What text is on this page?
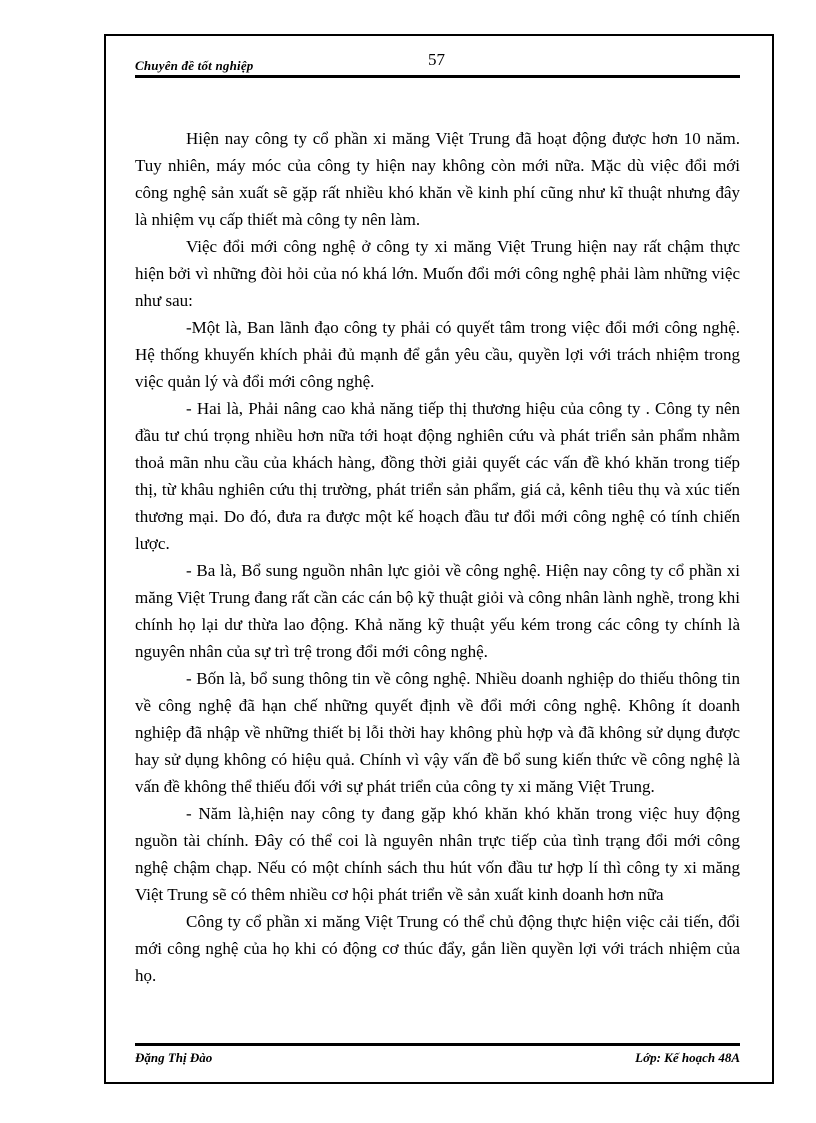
Chuyên đề tốt nghiệp	57

Hiện nay công ty cổ phần xi măng Việt Trung đã hoạt động được hơn 10 năm. Tuy nhiên, máy móc của công ty hiện nay không còn mới nữa. Mặc dù việc đổi mới công nghệ sản xuất sẽ gặp rất nhiều khó khăn về kinh phí cũng như kĩ thuật nhưng đây là nhiệm vụ cấp thiết mà công ty nên làm.

Việc đổi mới công nghệ ở công ty xi măng Việt Trung hiện nay rất chậm thực hiện bởi vì những đòi hỏi của nó khá lớn. Muốn đổi mới công nghệ phải làm những việc như sau:

-Một là, Ban lãnh đạo công ty phải có quyết tâm trong việc đổi mới công nghệ. Hệ thống khuyến khích phải đủ mạnh để gắn yêu cầu, quyền lợi với trách nhiệm trong việc quản lý và đổi mới công nghệ.

- Hai là, Phải nâng cao khả năng tiếp thị thương hiệu của công ty . Công ty nên đầu tư chú trọng nhiều hơn nữa tới hoạt động nghiên cứu và phát triển sản phẩm nhằm thoả mãn nhu cầu của khách hàng, đồng thời giải quyết các vấn đề khó khăn trong tiếp thị, từ khâu nghiên cứu thị trường, phát triển sản phẩm, giá cả, kênh tiêu thụ và xúc tiến thương mại. Do đó, đưa ra được một kế hoạch đầu tư đổi mới công nghệ có tính chiến lược.

- Ba là, Bổ sung nguồn nhân lực giỏi về công nghệ. Hiện nay công ty cổ phần xi măng Việt Trung đang rất cần các cán bộ kỹ thuật giỏi và công nhân lành nghề, trong khi chính họ lại dư thừa lao động. Khả năng kỹ thuật yếu kém trong các công ty chính là nguyên nhân của sự trì trệ trong đổi mới công nghệ.

- Bốn là, bổ sung thông tin về công nghệ. Nhiều doanh nghiệp do thiếu thông tin về công nghệ đã hạn chế những quyết định về đổi mới công nghệ. Không ít doanh nghiệp đã nhập về những thiết bị lỗi thời hay không phù hợp và đã không sử dụng được hay sử dụng không có hiệu quả. Chính vì vậy vấn đề bổ sung kiến thức về công nghệ là vấn đề không thể thiếu đối với sự phát triển của công ty xi măng Việt Trung.

- Năm là,hiện nay công ty đang gặp khó khăn khó khăn trong việc huy động nguồn tài chính. Đây có thể coi là nguyên nhân trực tiếp của tình trạng đổi mới công nghệ chậm chạp. Nếu có một chính sách thu hút vốn đầu tư hợp lí thì công ty xi măng Việt Trung sẽ có thêm nhiều cơ hội phát triển về sản xuất kinh doanh hơn nữa

Công ty cổ phần xi măng Việt Trung có thể chủ động thực hiện việc cải tiến, đổi mới công nghệ của họ khi có động cơ thúc đẩy, gắn liền quyền lợi với trách nhiệm của họ.

Đặng Thị Đào	Lớp: Kế hoạch 48A
